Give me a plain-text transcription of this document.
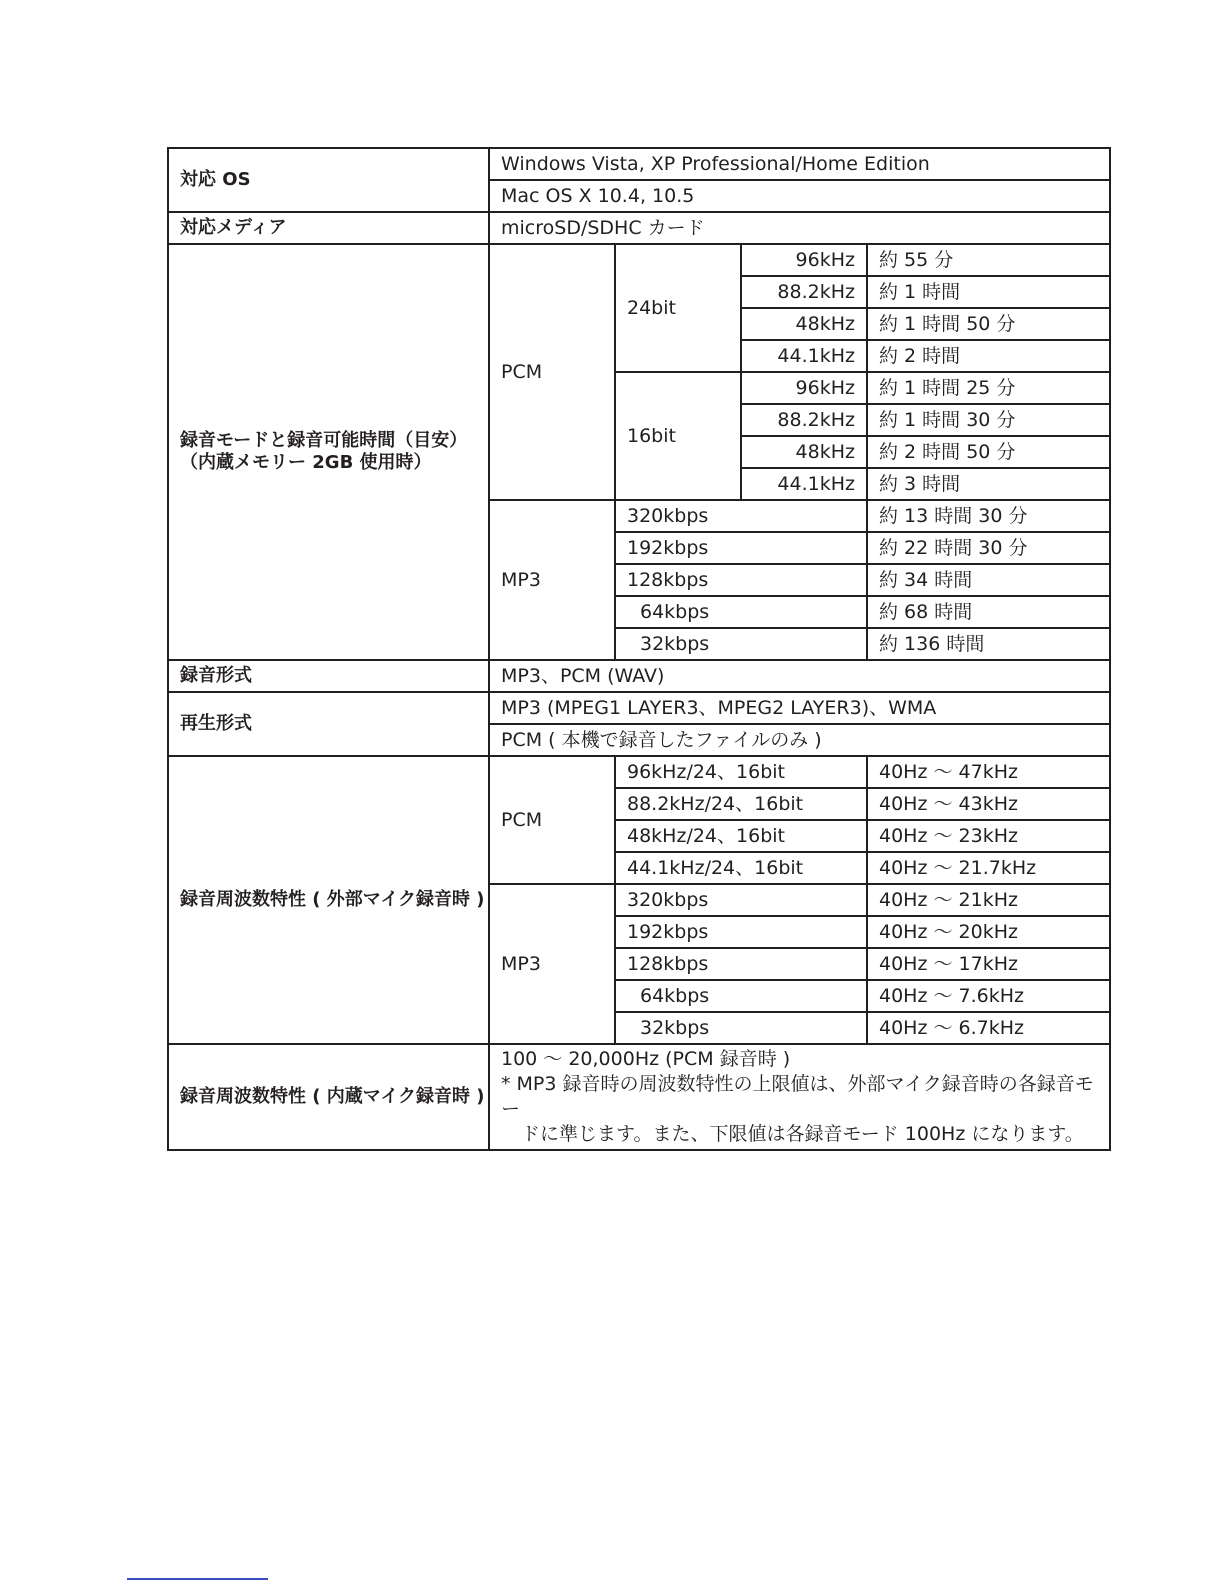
対応 OS	Windows Vista, XP Professional/Home Edition			
	Mac OS X 10.4, 10.5			
対応メディア	microSD/SDHC カード			
録音モードと録音可能時間（目安）
（内蔵メモリー 2GB 使用時）	PCM	24bit	96kHz	約 55 分
			88.2kHz	約 1 時間
			48kHz	約 1 時間 50 分
			44.1kHz	約 2 時間
		16bit	96kHz	約 1 時間 25 分
			88.2kHz	約 1 時間 30 分
			48kHz	約 2 時間 50 分
			44.1kHz	約 3 時間
	MP3	320kbps		約 13 時間 30 分
		192kbps		約 22 時間 30 分
		128kbps		約 34 時間
		64kbps		約 68 時間
		32kbps		約 136 時間
録音形式	MP3、PCM (WAV)			
再生形式	MP3 (MPEG1 LAYER3、MPEG2 LAYER3)、WMA			
	PCM ( 本機で録音したファイルのみ )			
録音周波数特性 ( 外部マイク録音時 )	PCM	96kHz/24、16bit		40Hz ～ 47kHz
		88.2kHz/24、16bit		40Hz ～ 43kHz
		48kHz/24、16bit		40Hz ～ 23kHz
		44.1kHz/24、16bit		40Hz ～ 21.7kHz
	MP3	320kbps		40Hz ～ 21kHz
		192kbps		40Hz ～ 20kHz
		128kbps		40Hz ～ 17kHz
		64kbps		40Hz ～ 7.6kHz
		32kbps		40Hz ～ 6.7kHz
録音周波数特性 ( 内蔵マイク録音時 )	100 ～ 20,000Hz (PCM 録音時 )
* MP3 録音時の周波数特性の上限値は、外部マイク録音時の各録音モー
ドに準じます。また、下限値は各録音モード 100Hz になります。			
